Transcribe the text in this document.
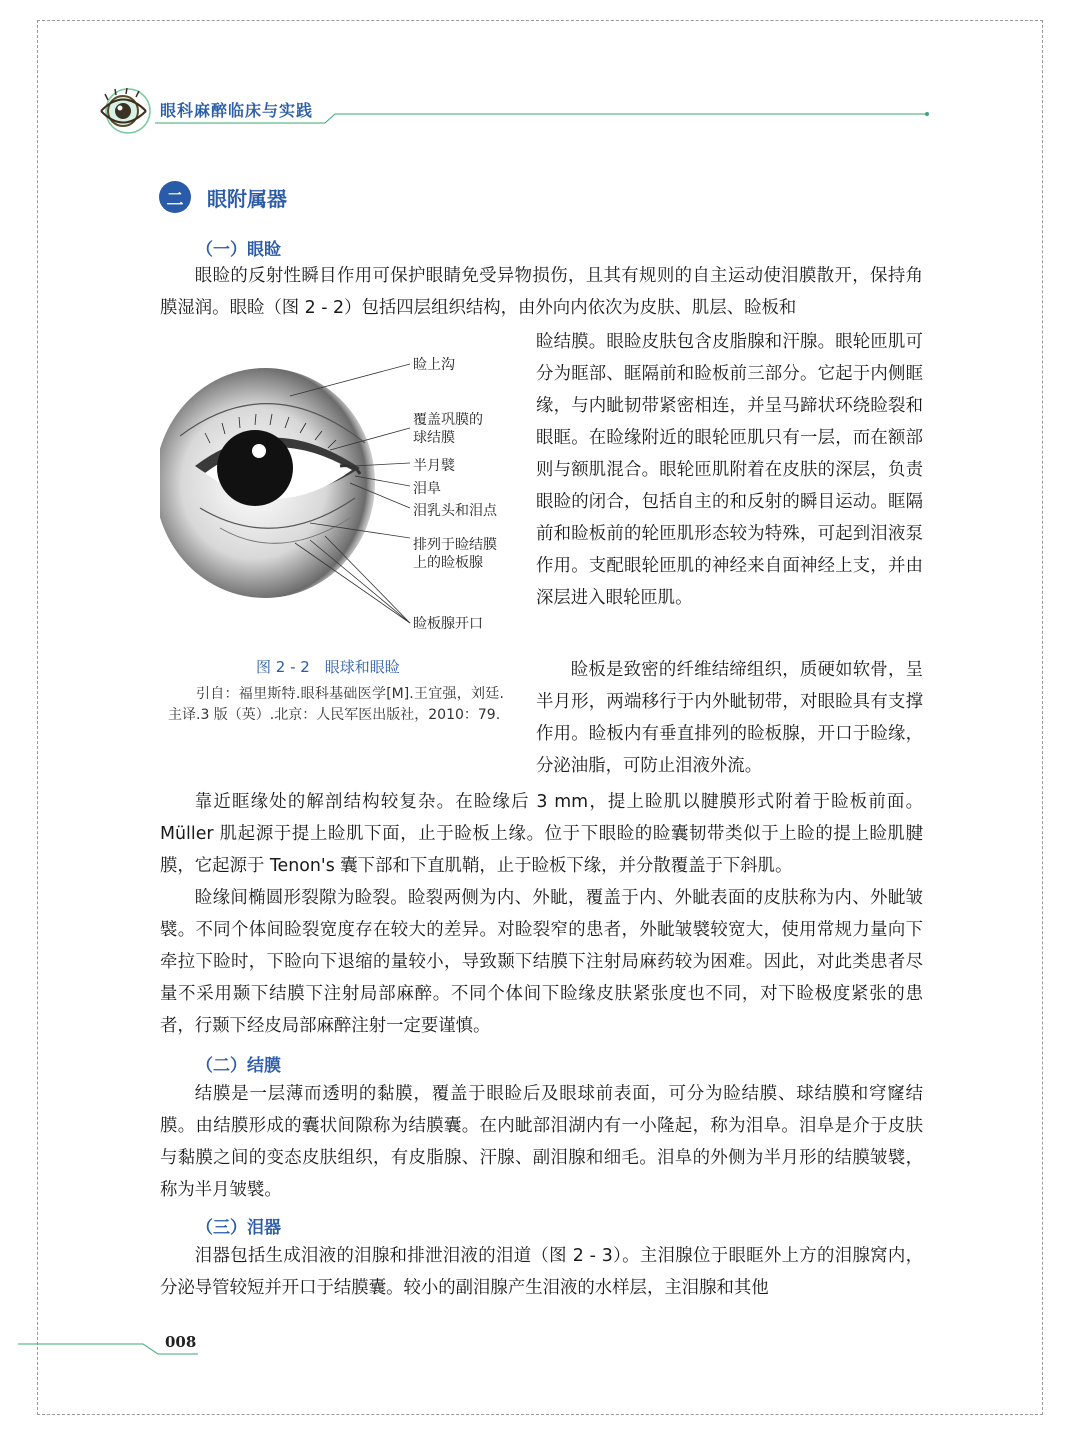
眼科麻醉临床与实践
二	眼附属器
（一）眼睑

眼睑的反射性瞬目作用可保护眼睛免受异物损伤，且其有规则的自主运动使泪膜散开，保持角膜湿润。眼睑（图 2 - 2）包括四层组织结构，由外向内依次为皮肤、肌层、睑板和

睑结膜。眼睑皮肤包含皮脂腺和汗腺。眼轮匝肌可分为眶部、眶隔前和睑板前三部分。它起于内侧眶缘，与内眦韧带紧密相连，并呈马蹄状环绕睑裂和眼眶。在睑缘附近的眼轮匝肌只有一层，而在额部则与额肌混合。眼轮匝肌附着在皮肤的深层，负责眼睑的闭合，包括自主的和反射的瞬目运动。眶隔前和睑板前的轮匝肌形态较为特殊，可起到泪液泵作用。支配眼轮匝肌的神经来自面神经上支，并由深层进入眼轮匝肌。

睑板是致密的纤维结缔组织，质硬如软骨，呈半月形，两端移行于内外眦韧带，对眼睑具有支撑作用。睑板内有垂直排列的睑板腺，开口于睑缘，分泌油脂，可防止泪液外流。

睑上沟
覆盖巩膜的
球结膜
半月襞
泪阜
泪乳头和泪点
排列于睑结膜
上的睑板腺
睑板腺开口
图 2 - 2　眼球和眼睑

引自：福里斯特.眼科基础医学[M].王宜强，刘廷.主译.3 版（英）.北京：人民军医出版社，2010：79.

靠近眶缘处的解剖结构较复杂。在睑缘后 3 mm，提上睑肌以腱膜形式附着于睑板前面。Müller 肌起源于提上睑肌下面，止于睑板上缘。位于下眼睑的睑囊韧带类似于上睑的提上睑肌腱膜，它起源于 Tenon's 囊下部和下直肌鞘，止于睑板下缘，并分散覆盖于下斜肌。

睑缘间椭圆形裂隙为睑裂。睑裂两侧为内、外眦，覆盖于内、外眦表面的皮肤称为内、外眦皱襞。不同个体间睑裂宽度存在较大的差异。对睑裂窄的患者，外眦皱襞较宽大，使用常规力量向下牵拉下睑时，下睑向下退缩的量较小，导致颞下结膜下注射局麻药较为困难。因此，对此类患者尽量不采用颞下结膜下注射局部麻醉。不同个体间下睑缘皮肤紧张度也不同，对下睑极度紧张的患者，行颞下经皮局部麻醉注射一定要谨慎。

（二）结膜

结膜是一层薄而透明的黏膜，覆盖于眼睑后及眼球前表面，可分为睑结膜、球结膜和穹窿结膜。由结膜形成的囊状间隙称为结膜囊。在内眦部泪湖内有一小隆起，称为泪阜。泪阜是介于皮肤与黏膜之间的变态皮肤组织，有皮脂腺、汗腺、副泪腺和细毛。泪阜的外侧为半月形的结膜皱襞，称为半月皱襞。

（三）泪器

泪器包括生成泪液的泪腺和排泄泪液的泪道（图 2 - 3）。主泪腺位于眼眶外上方的泪腺窝内，分泌导管较短并开口于结膜囊。较小的副泪腺产生泪液的水样层，主泪腺和其他

008
